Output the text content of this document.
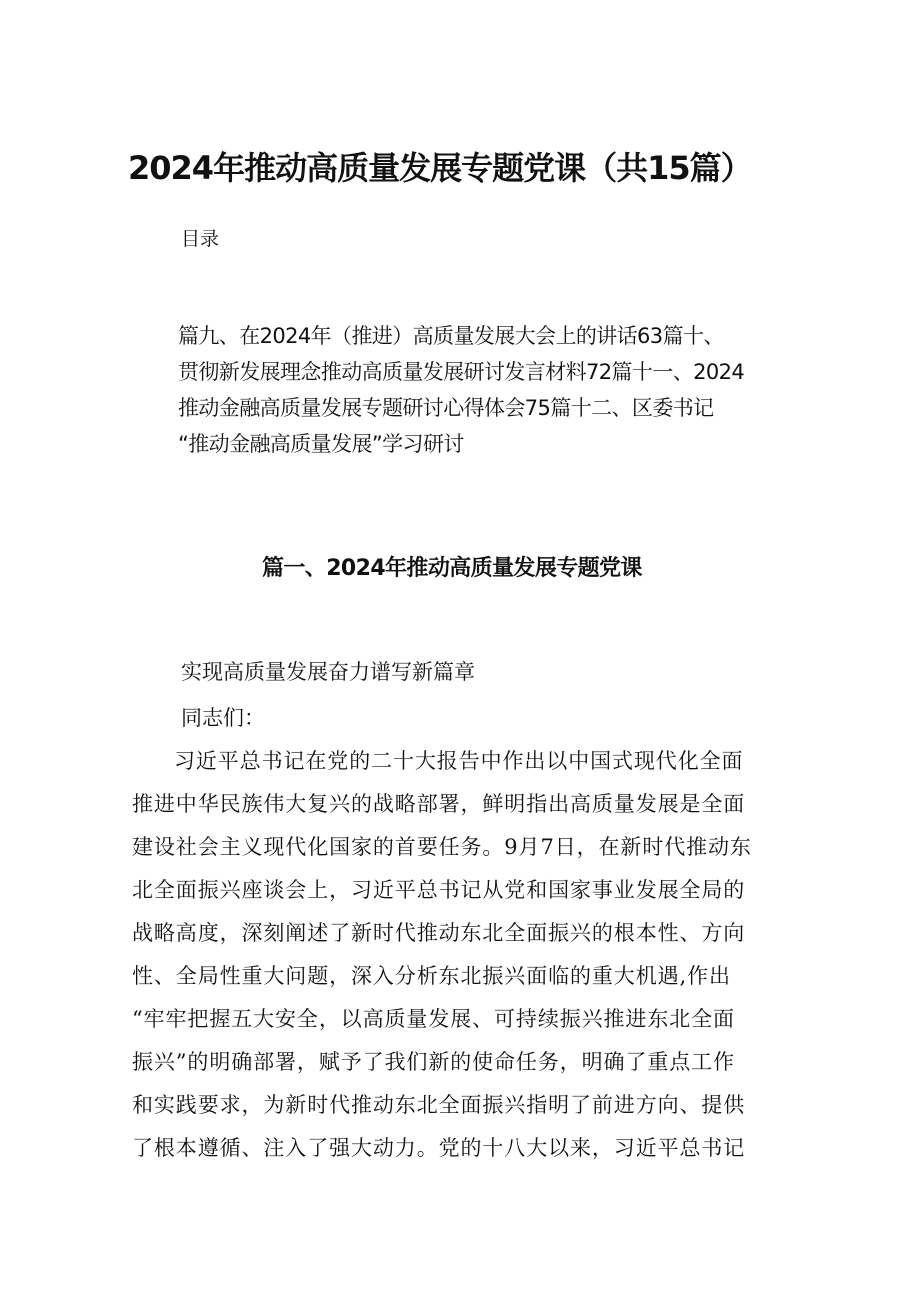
2024年推动高质量发展专题党课（共15篇）
目录
篇九、在2024年（推进）高质量发展大会上的讲话63篇十、
贯彻新发展理念推动高质量发展研讨发言材料72篇十一、2024
推动金融高质量发展专题研讨心得体会75篇十二、区委书记
“推动金融高质量发展”学习研讨
篇一、2024年推动高质量发展专题党课
实现高质量发展奋力谱写新篇章
同志们：
习近平总书记在党的二十大报告中作出以中国式现代化全面
推进中华民族伟大复兴的战略部署，鲜明指出高质量发展是全面
建设社会主义现代化国家的首要任务。9月7日，在新时代推动东
北全面振兴座谈会上，习近平总书记从党和国家事业发展全局的
战略高度，深刻阐述了新时代推动东北全面振兴的根本性、方向
性、全局性重大问题，深入分析东北振兴面临的重大机遇,作出
“牢牢把握五大安全，以高质量发展、可持续振兴推进东北全面
振兴”的明确部署，赋予了我们新的使命任务，明确了重点工作
和实践要求，为新时代推动东北全面振兴指明了前进方向、提供
了根本遵循、注入了强大动力。党的十八大以来，习近平总书记
